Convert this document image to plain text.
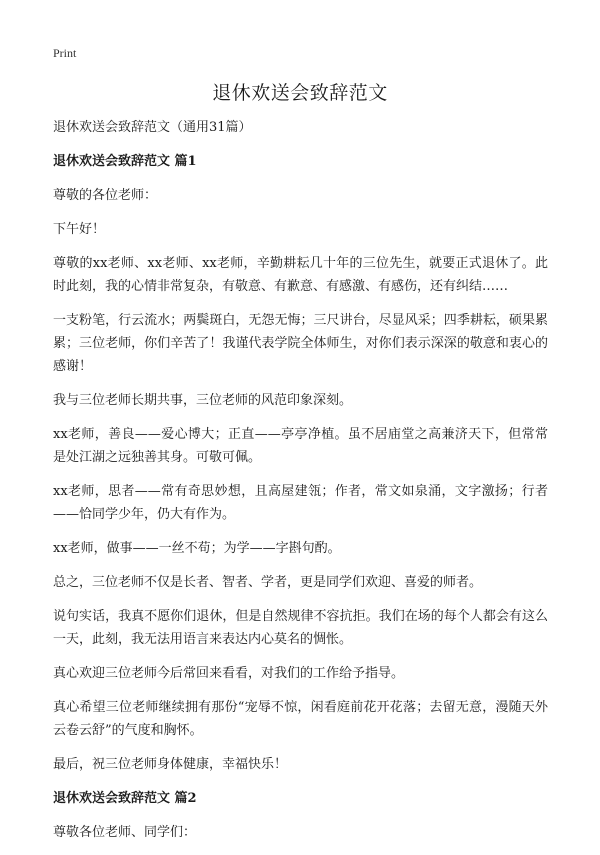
Print
退休欢送会致辞范文

退休欢送会致辞范文（通用31篇）

退休欢送会致辞范文 篇1

尊敬的各位老师：

下午好！

尊敬的xx老师、xx老师、xx老师，辛勤耕耘几十年的三位先生，就要正式退休了。此时此刻，我的心情非常复杂，有敬意、有歉意、有感激、有感伤，还有纠结……

一支粉笔，行云流水；两鬓斑白，无怨无悔；三尺讲台，尽显风采；四季耕耘，硕果累累；三位老师，你们辛苦了！我谨代表学院全体师生，对你们表示深深的敬意和衷心的感谢！

我与三位老师长期共事，三位老师的风范印象深刻。

xx老师，善良——爱心博大；正直——亭亭净植。虽不居庙堂之高兼济天下，但常常是处江湖之远独善其身。可敬可佩。

xx老师，思者——常有奇思妙想，且高屋建瓴；作者，常文如泉涌，文字激扬；行者——恰同学少年，仍大有作为。

xx老师，做事——一丝不苟；为学——字斟句酌。

总之，三位老师不仅是长者、智者、学者，更是同学们欢迎、喜爱的师者。

说句实话，我真不愿你们退休，但是自然规律不容抗拒。我们在场的每个人都会有这么一天，此刻，我无法用语言来表达内心莫名的惆怅。

真心欢迎三位老师今后常回来看看，对我们的工作给予指导。

真心希望三位老师继续拥有那份“宠辱不惊，闲看庭前花开花落；去留无意，漫随天外云卷云舒”的气度和胸怀。

最后，祝三位老师身体健康，幸福快乐！

退休欢送会致辞范文 篇2

尊敬各位老师、同学们：
